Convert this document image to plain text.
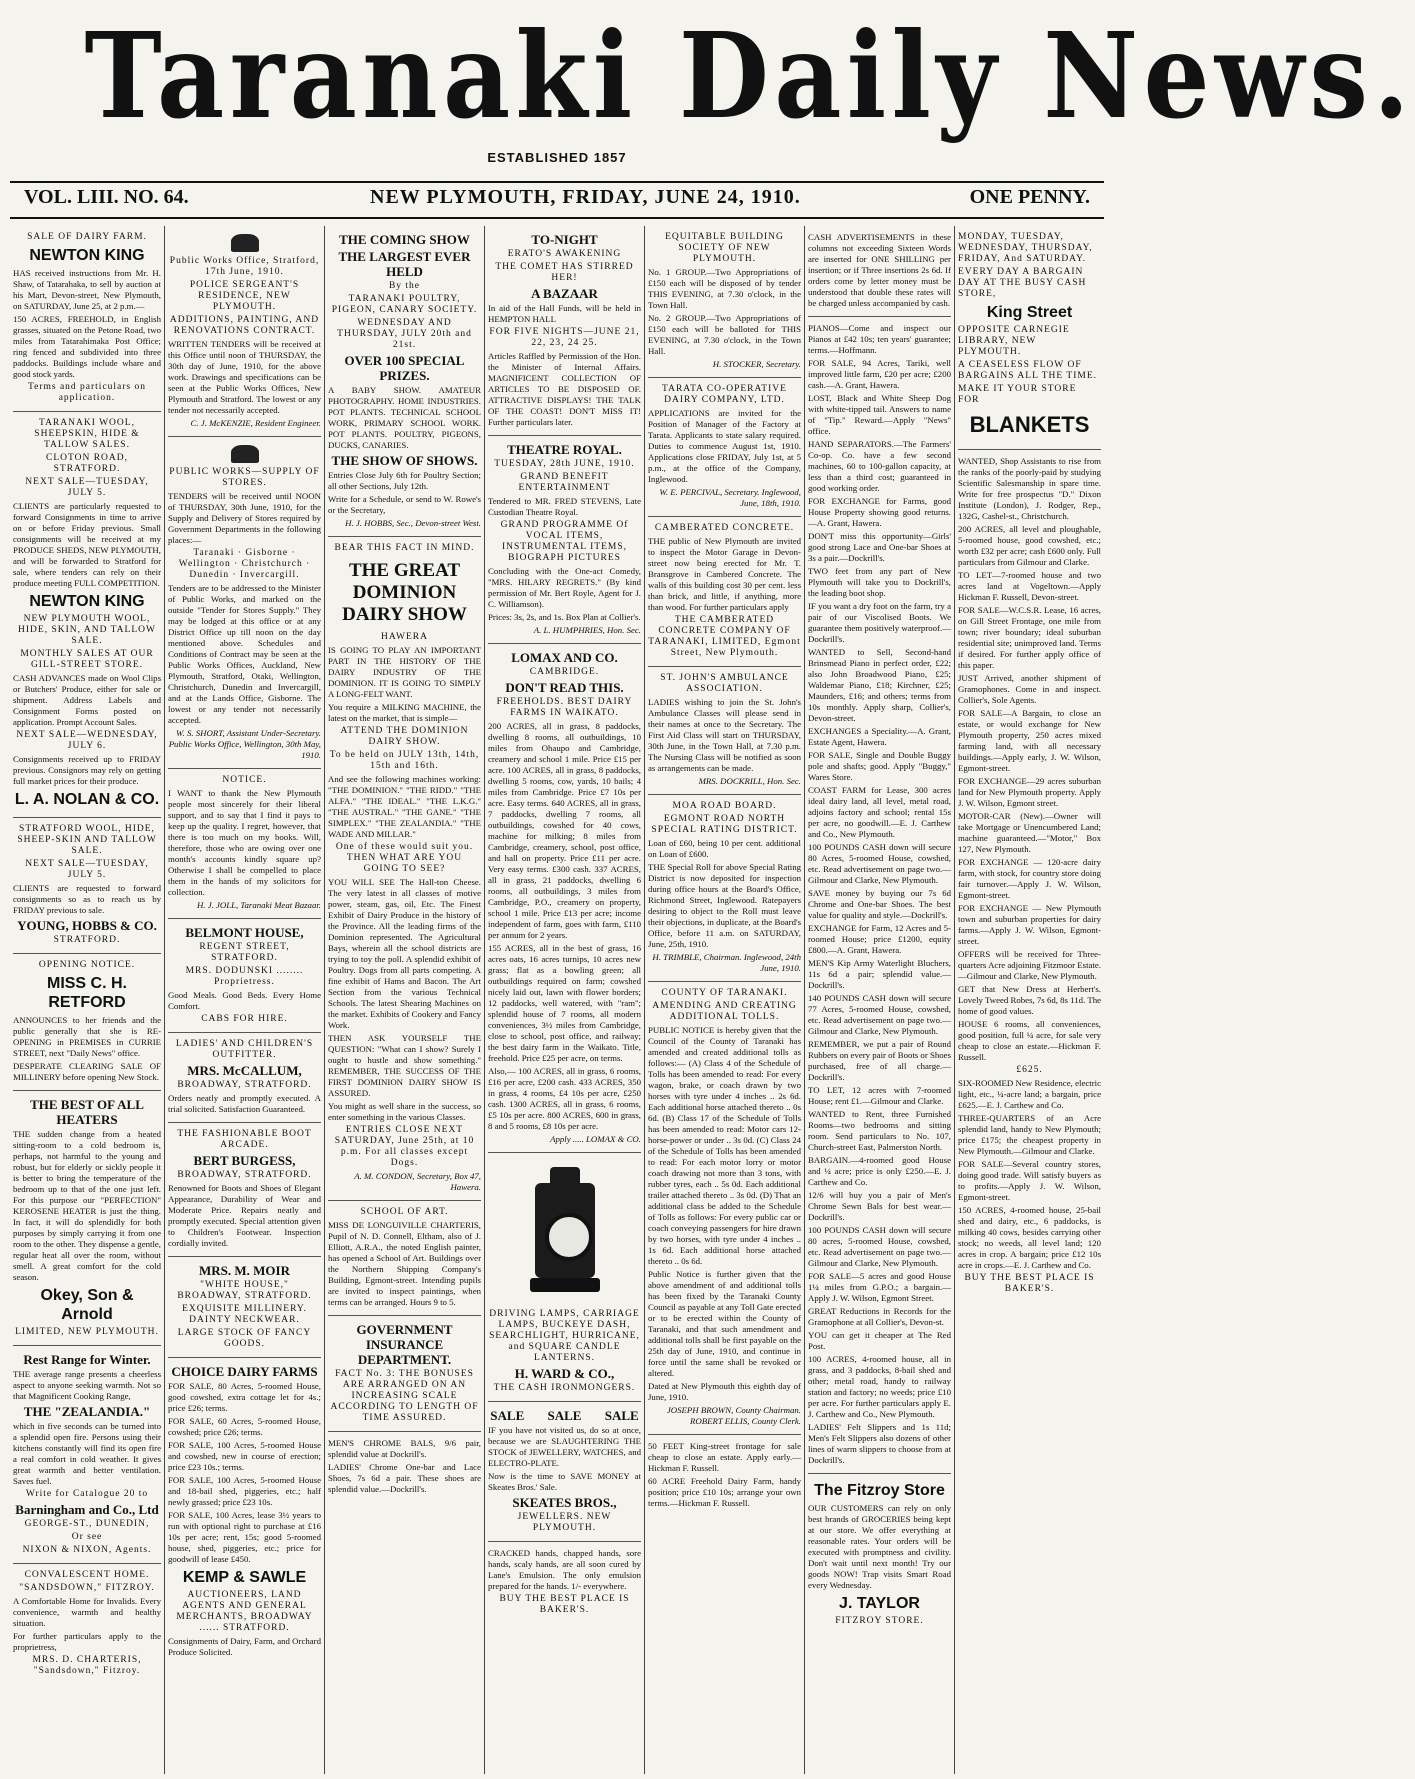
Taranaki Daily News.
ESTABLISHED 1857
VOL. LIII. NO. 64.	NEW PLYMOUTH, FRIDAY, JUNE 24, 1910.	ONE PENNY.
SALE OF DAIRY FARM.
NEWTON KING
HAS received instructions from Mr. H. Shaw, of Tatarahaka, to sell by auction at his Mart, Devon-street, New Plymouth, on SATURDAY, June 25, at 2 p.m.—
150 ACRES, FREEHOLD, in English grasses, situated on the Petone Road, two miles from Tatarahimaka Post Office; ring fenced and subdivided into three paddocks. Buildings include whare and good stock yards.
Terms and particulars on application.
TARANAKI WOOL, SHEEPSKIN, HIDE & TALLOW SALES.
CLOTON ROAD, STRATFORD.
NEXT SALE—TUESDAY, JULY 5.
CLIENTS are particularly requested to forward Consignments in time to arrive on or before Friday previous. Small consignments will be received at my PRODUCE SHEDS, NEW PLYMOUTH, and will be forwarded to Stratford for sale, where tenders can rely on their produce meeting FULL COMPETITION.
NEWTON KING
NEW PLYMOUTH WOOL, HIDE, SKIN, AND TALLOW SALE.
MONTHLY SALES AT OUR GILL-STREET STORE.
CASH ADVANCES made on Wool Clips or Butchers' Produce, either for sale or shipment. Address Labels and Consignment Forms posted on application. Prompt Account Sales.
NEXT SALE—WEDNESDAY, JULY 6.
Consignments received up to FRIDAY previous. Consignors may rely on getting full market prices for their produce.
L. A. NOLAN & CO.
STRATFORD WOOL, HIDE, SHEEP-SKIN AND TALLOW SALE.
NEXT SALE—TUESDAY, JULY 5.
CLIENTS are requested to forward consignments so as to reach us by FRIDAY previous to sale.
YOUNG, HOBBS & CO.
STRATFORD.
OPENING NOTICE.
MISS C. H. RETFORD
ANNOUNCES to her friends and the public generally that she is RE-OPENING in PREMISES in CURRIE STREET, next "Daily News" office.
DESPERATE CLEARING SALE OF MILLINERY before opening New Stock.
THE BEST OF ALL HEATERS
THE sudden change from a heated sitting-room to a cold bedroom is, perhaps, not harmful to the young and robust, but for elderly or sickly people it is better to bring the temperature of the bedroom up to that of the one just left. For this purpose our "PERFECTION" KEROSENE HEATER is just the thing. In fact, it will do splendidly for both purposes by simply carrying it from one room to the other. They dispense a gentle, regular heat all over the room, without smell. A great comfort for the cold season.
Okey, Son & Arnold
LIMITED, NEW PLYMOUTH.
Rest Range for Winter.
THE average range presents a cheerless aspect to anyone seeking warmth. Not so that Magnificent Cooking Range,
THE "ZEALANDIA."
which in five seconds can be turned into a splendid open fire. Persons using their kitchens constantly will find its open fire a real comfort in cold weather. It gives great warmth and better ventilation. Saves fuel.
Write for Catalogue 20 to
Barningham and Co., Ltd
GEORGE-ST., DUNEDIN,
Or see
NIXON & NIXON, Agents.
CONVALESCENT HOME.
"SANDSDOWN," FITZROY.
A Comfortable Home for Invalids. Every convenience, warmth and healthy situation.
For further particulars apply to the proprietress,
MRS. D. CHARTERIS, "Sandsdown," Fitzroy.
Public Works Office, Stratford, 17th June, 1910.
POLICE SERGEANT'S RESIDENCE, NEW PLYMOUTH.
ADDITIONS, PAINTING, AND RENOVATIONS CONTRACT.
WRITTEN TENDERS will be received at this Office until noon of THURSDAY, the 30th day of June, 1910, for the above work. Drawings and specifications can be seen at the Public Works Offices, New Plymouth and Stratford. The lowest or any tender not necessarily accepted.
C. J. McKENZIE, Resident Engineer.
PUBLIC WORKS—SUPPLY OF STORES.
TENDERS will be received until NOON of THURSDAY, 30th June, 1910, for the Supply and Delivery of Stores required by Government Departments in the following places:—
Taranaki · Gisborne · Wellington · Christchurch · Dunedin · Invercargill.
Tenders are to be addressed to the Minister of Public Works, and marked on the outside "Tender for Stores Supply." They may be lodged at this office or at any District Office up till noon on the day mentioned above. Schedules and Conditions of Contract may be seen at the Public Works Offices, Auckland, New Plymouth, Stratford, Otaki, Wellington, Christchurch, Dunedin and Invercargill, and at the Lands Office, Gisborne. The lowest or any tender not necessarily accepted.
W. S. SHORT, Assistant Under-Secretary. Public Works Office, Wellington, 30th May, 1910.
NOTICE.
I WANT to thank the New Plymouth people most sincerely for their liberal support, and to say that I find it pays to keep up the quality. I regret, however, that there is too much on my books. Will, therefore, those who are owing over one month's accounts kindly square up? Otherwise I shall be compelled to place them in the hands of my solicitors for collection.
H. J. JOLL, Taranaki Meat Bazaar.
BELMONT HOUSE,
REGENT STREET, STRATFORD.
MRS. DODUNSKI ........ Proprietress.
Good Meals. Good Beds. Every Home Comfort.
CABS FOR HIRE.
LADIES' AND CHILDREN'S OUTFITTER.
MRS. McCALLUM,
BROADWAY, STRATFORD.
Orders neatly and promptly executed. A trial solicited. Satisfaction Guaranteed.
THE FASHIONABLE BOOT ARCADE.
BERT BURGESS,
BROADWAY, STRATFORD.
Renowned for Boots and Shoes of Elegant Appearance, Durability of Wear and Moderate Price. Repairs neatly and promptly executed. Special attention given to Children's Footwear. Inspection cordially invited.
MRS. M. MOIR
"WHITE HOUSE," BROADWAY, STRATFORD.
EXQUISITE MILLINERY. DAINTY NECKWEAR.
LARGE STOCK OF FANCY GOODS.
CHOICE DAIRY FARMS
FOR SALE, 80 Acres, 5-roomed House, good cowshed, extra cottage let for 4s.; price £26; terms.
FOR SALE, 60 Acres, 5-roomed House, cowshed; price £26; terms.
FOR SALE, 100 Acres, 5-roomed House and cowshed, new in course of erection; price £23 10s.; terms.
FOR SALE, 100 Acres, 5-roomed House and 18-bail shed, piggeries, etc.; half newly grassed; price £23 10s.
FOR SALE, 100 Acres, lease 3½ years to run with optional right to purchase at £16 10s per acre; rent, 15s; good 5-roomed house, shed, piggeries, etc.; price for goodwill of lease £450.
KEMP & SAWLE
AUCTIONEERS, LAND AGENTS AND GENERAL MERCHANTS, BROADWAY ...... STRATFORD.
Consignments of Dairy, Farm, and Orchard Produce Solicited.
THE COMING SHOW
THE LARGEST EVER HELD
By the
TARANAKI POULTRY, PIGEON, CANARY SOCIETY.
WEDNESDAY AND THURSDAY, JULY 20th and 21st.
OVER 100 SPECIAL PRIZES.
A BABY SHOW. AMATEUR PHOTOGRAPHY. HOME INDUSTRIES. POT PLANTS. TECHNICAL SCHOOL WORK, PRIMARY SCHOOL WORK. POT PLANTS. POULTRY, PIGEONS, DUCKS, CANARIES.
THE SHOW OF SHOWS.
Entries Close July 6th for Poultry Section; all other Sections, July 12th.
Write for a Schedule, or send to W. Rowe's or the Secretary,
H. J. HOBBS, Sec., Devon-street West.
BEAR THIS FACT IN MIND.
THE GREAT DOMINION DAIRY SHOW
HAWERA
IS GOING TO PLAY AN IMPORTANT PART IN THE HISTORY OF THE DAIRY INDUSTRY OF THE DOMINION. IT IS GOING TO SIMPLY A LONG-FELT WANT.
You require a MILKING MACHINE, the latest on the market, that is simple—
ATTEND THE DOMINION DAIRY SHOW.
To be held on JULY 13th, 14th, 15th and 16th.
And see the following machines working: "THE DOMINION." "THE RIDD." "THE ALFA." "THE IDEAL." "THE L.K.G." "THE AUSTRAL." "THE GANE." "THE SIMPLEX." "THE ZEALANDIA." "THE WADE AND MILLAR."
One of these would suit you. THEN WHAT ARE YOU GOING TO SEE?
YOU WILL SEE The Hall-ton Cheese. The very latest in all classes of motive power, steam, gas, oil, Etc. The Finest Exhibit of Dairy Produce in the history of the Province. All the leading firms of the Dominion represented. The Agricultural Bays, wherein all the school districts are trying to toy the poll. A splendid exhibit of Poultry. Dogs from all parts competing. A fine exhibit of Hams and Bacon. The Art Section from the various Technical Schools. The latest Shearing Machines on the market. Exhibits of Cookery and Fancy Work.
THEN ASK YOURSELF THE QUESTION: "What can I show? Surely I ought to hustle and show something." REMEMBER, THE SUCCESS OF THE FIRST DOMINION DAIRY SHOW IS ASSURED.
You might as well share in the success, so enter something in the various Classes.
ENTRIES CLOSE NEXT SATURDAY, June 25th, at 10 p.m. For all classes except Dogs.
A. M. CONDON, Secretary, Box 47, Hawera.
SCHOOL OF ART.
MISS DE LONGUIVILLE CHARTERIS, Pupil of N. D. Connell, Eltham, also of J. Elliott, A.R.A., the noted English painter, has opened a School of Art. Buildings over the Northern Shipping Company's Building, Egmont-street. Intending pupils are invited to inspect paintings, when terms can be arranged. Hours 9 to 5.
GOVERNMENT INSURANCE DEPARTMENT.
FACT No. 3: THE BONUSES ARE ARRANGED ON AN INCREASING SCALE ACCORDING TO LENGTH OF TIME ASSURED.
MEN'S CHROME BALS, 9/6 pair, splendid value at Dockrill's.
LADIES' Chrome One-bar and Lace Shoes, 7s 6d a pair. These shoes are splendid value.—Dockrill's.
TO-NIGHT
ERATO'S AWAKENING
THE COMET HAS STIRRED HER!
A BAZAAR
In aid of the Hall Funds, will be held in HEMPTON HALL
FOR FIVE NIGHTS—JUNE 21, 22, 23, 24 25.
Articles Raffled by Permission of the Hon. the Minister of Internal Affairs. MAGNIFICENT COLLECTION OF ARTICLES TO BE DISPOSED OF. ATTRACTIVE DISPLAYS! THE TALK OF THE COAST! DON'T MISS IT! Further particulars later.
THEATRE ROYAL.
TUESDAY, 28th JUNE, 1910.
GRAND BENEFIT ENTERTAINMENT
Tendered to MR. FRED STEVENS, Late Custodian Theatre Royal.
GRAND PROGRAMME Of VOCAL ITEMS, INSTRUMENTAL ITEMS, BIOGRAPH PICTURES
Concluding with the One-act Comedy, "MRS. HILARY REGRETS." (By kind permission of Mr. Bert Royle, Agent for J. C. Williamson).
Prices: 3s, 2s, and 1s. Box Plan at Collier's.
A. L. HUMPHRIES, Hon. Sec.
LOMAX AND CO.
CAMBRIDGE.
DON'T READ THIS.
FREEHOLDS. BEST DAIRY FARMS IN WAIKATO.
200 ACRES, all in grass, 8 paddocks, dwelling 8 rooms, all outbuildings, 10 miles from Ohaupo and Cambridge, creamery and school 1 mile. Price £15 per acre. 100 ACRES, all in grass, 8 paddocks, dwelling 5 rooms, cow, yards, 10 bails; 4 miles from Cambridge. Price £7 10s per acre. Easy terms. 640 ACRES, all in grass, 7 paddocks, dwelling 7 rooms, all outbuildings, cowshed for 40 cows, machine for milking; 8 miles from Cambridge, creamery, school, post office, and hall on property. Price £11 per acre. Very easy terms. £300 cash. 337 ACRES, all in grass, 21 paddocks, dwelling 6 rooms, all outbuildings, 3 miles from Cambridge, P.O., creamery on property, school 1 mile. Price £13 per acre; income independent of farm, goes with farm, £110 per annum for 2 years.
155 ACRES, all in the best of grass, 16 acres oats, 16 acres turnips, 10 acres new grass; flat as a bowling green; all outbuildings required on farm; cowshed nicely laid out, lawn with flower borders; 12 paddocks, well watered, with "ram"; splendid house of 7 rooms, all modern conveniences, 3½ miles from Cambridge, close to school, post office, and railway; the best dairy farm in the Waikato. Title, freehold. Price £25 per acre, on terms.
Also,— 100 ACRES, all in grass, 6 rooms, £16 per acre, £200 cash. 433 ACRES, 350 in grass, 4 rooms, £4 10s per acre, £250 cash. 1300 ACRES, all in grass, 6 rooms, £5 10s per acre. 800 ACRES, 600 in grass, 8 and 5 rooms, £8 10s per acre.
Apply ..... LOMAX & CO.
DRIVING LAMPS, CARRIAGE LAMPS, BUCKEYE DASH, SEARCHLIGHT, HURRICANE, and SQUARE CANDLE LANTERNS.
H. WARD & CO.,
THE CASH IRONMONGERS.
SALE SALE SALE
IF you have not visited us, do so at once, because we are SLAUGHTERING THE STOCK of JEWELLERY, WATCHES, and ELECTRO-PLATE.
Now is the time to SAVE MONEY at Skeates Bros.' Sale.
SKEATES BROS.,
JEWELLERS. NEW PLYMOUTH.
CRACKED hands, chapped hands, sore hands, scaly hands, are all soon cured by Lane's Emulsion. The only emulsion prepared for the hands. 1/- everywhere.
BUY THE BEST PLACE IS BAKER'S.
EQUITABLE BUILDING SOCIETY OF NEW PLYMOUTH.
No. 1 GROUP.—Two Appropriations of £150 each will be disposed of by tender THIS EVENING, at 7.30 o'clock, in the Town Hall.
No. 2 GROUP.—Two Appropriations of £150 each will be balloted for THIS EVENING, at 7.30 o'clock, in the Town Hall.
H. STOCKER, Secretary.
TARATA CO-OPERATIVE DAIRY COMPANY, LTD.
APPLICATIONS are invited for the Position of Manager of the Factory at Tarata. Applicants to state salary required. Duties to commence August 1st, 1910. Applications close FRIDAY, July 1st, at 5 p.m., at the office of the Company, Inglewood.
W. E. PERCIVAL, Secretary. Inglewood, June, 18th, 1910.
CAMBERATED CONCRETE.
THE public of New Plymouth are invited to inspect the Motor Garage in Devon-street now being erected for Mr. T. Bransgrove in Cambered Concrete. The walls of this building cost 30 per cent. less than brick, and little, if anything, more than wood. For further particulars apply
THE CAMBERATED CONCRETE COMPANY OF TARANAKI, LIMITED, Egmont Street, New Plymouth.
ST. JOHN'S AMBULANCE ASSOCIATION.
LADIES wishing to join the St. John's Ambulance Classes will please send in their names at once to the Secretary. The First Aid Class will start on THURSDAY, 30th June, in the Town Hall, at 7.30 p.m. The Nursing Class will be notified as soon as arrangements can be made.
MRS. DOCKRILL, Hon. Sec.
MOA ROAD BOARD.
EGMONT ROAD NORTH SPECIAL RATING DISTRICT.
Loan of £60, being 10 per cent. additional on Loan of £600.
THE Special Roll for above Special Rating District is now deposited for inspection during office hours at the Board's Office, Richmond Street, Inglewood. Ratepayers desiring to object to the Roll must leave their objections, in duplicate, at the Board's Office, before 11 a.m. on SATURDAY, June, 25th, 1910.
H. TRIMBLE, Chairman. Inglewood, 24th June, 1910.
COUNTY OF TARANAKI.
AMENDING AND CREATING ADDITIONAL TOLLS.
PUBLIC NOTICE is hereby given that the Council of the County of Taranaki has amended and created additional tolls as follows:— (A) Class 4 of the Schedule of Tolls has been amended to read: For every wagon, brake, or coach drawn by two horses with tyre under 4 inches .. 2s 6d. Each additional horse attached thereto .. 0s 6d. (B) Class 17 of the Schedule of Tolls has been amended to read: Motor cars 12-horse-power or under .. 3s 0d. (C) Class 24 of the Schedule of Tolls has been amended to read: For each motor lorry or motor coach drawing not more than 3 tons, with rubber tyres, each .. 5s 0d. Each additional trailer attached thereto .. 3s 0d. (D) That an additional class be added to the Schedule of Tolls as follows: For every public car or coach conveying passengers for hire drawn by two horses, with tyre under 4 inches .. 1s 6d. Each additional horse attached thereto .. 0s 6d.
Public Notice is further given that the above amendment of and additional tolls has been fixed by the Taranaki County Council as payable at any Toll Gate erected or to be erected within the County of Taranaki, and that such amendment and additional tolls shall be first payable on the 25th day of June, 1910, and continue in force until the same shall be revoked or altered.
Dated at New Plymouth this eighth day of June, 1910.
JOSEPH BROWN, County Chairman. ROBERT ELLIS, County Clerk.
50 FEET King-street frontage for sale cheap to close an estate. Apply early.—Hickman F. Russell.
60 ACRE Freehold Dairy Farm, handy position; price £10 10s; arrange your own terms.—Hickman F. Russell.
CASH ADVERTISEMENTS in these columns not exceeding Sixteen Words are inserted for ONE SHILLING per insertion; or if Three insertions 2s 6d. If orders come by letter money must be understood that double these rates will be charged unless accompanied by cash.
PIANOS—Come and inspect our Pianos at £42 10s; ten years' guarantee; terms.—Hoffmann.
FOR SALE, 94 Acres, Tariki, well improved little farm, £20 per acre; £200 cash.—A. Grant, Hawera.
LOST, Black and White Sheep Dog with white-tipped tail. Answers to name of "Tip." Reward.—Apply "News" office.
HAND SEPARATORS.—The Farmers' Co-op. Co. have a few second machines, 60 to 100-gallon capacity, at less than a third cost; guaranteed in good working order.
FOR EXCHANGE for Farms, good House Property showing good returns.—A. Grant, Hawera.
DON'T miss this opportunity—Girls' good strong Lace and One-bar Shoes at 3s a pair.—Dockrill's.
TWO feet from any part of New Plymouth will take you to Dockrill's, the leading boot shop.
IF you want a dry foot on the farm, try a pair of our Viscolised Boots. We guarantee them positively waterproof.—Dockrill's.
WANTED to Sell, Second-hand Brinsmead Piano in perfect order, £22; also John Broadwood Piano, £25; Waldemar Piano, £18; Kirchner, £25; Maunders, £16; and others; terms from 10s monthly. Apply sharp, Collier's, Devon-street.
EXCHANGES a Speciality.—A. Grant, Estate Agent, Hawera.
FOR SALE, Single and Double Buggy pole and shafts; good. Apply "Buggy," Wares Store.
COAST FARM for Lease, 300 acres ideal dairy land, all level, metal road, adjoins factory and school; rental 15s per acre, no goodwill.—E. J. Carthew and Co., New Plymouth.
100 POUNDS CASH down will secure 80 Acres, 5-roomed House, cowshed, etc. Read advertisement on page two.—Gilmour and Clarke, New Plymouth.
SAVE money by buying our 7s 6d Chrome and One-bar Shoes. The best value for quality and style.—Dockrill's.
EXCHANGE for Farm, 12 Acres and 5-roomed House; price £1200, equity £800.—A. Grant, Hawera.
MEN'S Kip Army Waterlight Bluchers, 11s 6d a pair; splendid value.—Dockrill's.
140 POUNDS CASH down will secure 77 Acres, 5-roomed House, cowshed, etc. Read advertisement on page two.—Gilmour and Clarke, New Plymouth.
REMEMBER, we put a pair of Round Rubbers on every pair of Boots or Shoes purchased, free of all charge.—Dockrill's.
TO LET, 12 acres with 7-roomed House; rent £1.—Gilmour and Clarke.
WANTED to Rent, three Furnished Rooms—two bedrooms and sitting room. Send particulars to No. 107, Church-street East, Palmerston North.
BARGAIN.—4-roomed good House and ¼ acre; price is only £250.—E. J. Carthew and Co.
12/6 will buy you a pair of Men's Chrome Sewn Bals for best wear.—Dockrill's.
100 POUNDS CASH down will secure 80 acres, 5-roomed House, cowshed, etc. Read advertisement on page two.—Gilmour and Clarke, New Plymouth.
FOR SALE—5 acres and good House 1¼ miles from G.P.O.; a bargain.—Apply J. W. Wilson, Egmont Street.
GREAT Reductions in Records for the Gramophone at all Collier's, Devon-st.
YOU can get it cheaper at The Red Post.
100 ACRES, 4-roomed house, all in grass, and 3 paddocks, 8-bail shed and other; metal road, handy to railway station and factory; no weeds; price £10 per acre. For further particulars apply E. J. Carthew and Co., New Plymouth.
LADIES' Felt Slippers and 1s 11d; Men's Felt Slippers also dozens of other lines of warm slippers to choose from at Dockrill's.
The Fitzroy Store
OUR CUSTOMERS can rely on only best brands of GROCERIES being kept at our store. We offer everything at reasonable rates. Your orders will be executed with promptness and civility. Don't wait until next month! Try our goods NOW! Trap visits Smart Road every Wednesday.
J. TAYLOR
FITZROY STORE.
MONDAY, TUESDAY, WEDNESDAY, THURSDAY, FRIDAY, And SATURDAY.
EVERY DAY A BARGAIN DAY AT THE BUSY CASH STORE,
King Street
OPPOSITE CARNEGIE LIBRARY, NEW PLYMOUTH.
A CEASELESS FLOW OF BARGAINS ALL THE TIME.
MAKE IT YOUR STORE FOR
BLANKETS
WANTED, Shop Assistants to rise from the ranks of the poorly-paid by studying Scientific Salesmanship in spare time. Write for free prospectus "D." Dixon Institute (London), J. Rodger, Rep., 132G, Cashel-st., Christchurch.
200 ACRES, all level and ploughable, 5-roomed house, good cowshed, etc.; worth £32 per acre; cash £600 only. Full particulars from Gilmour and Clarke.
TO LET—7-roomed house and two acres land at Vogeltown.—Apply Hickman F. Russell, Devon-street.
FOR SALE—W.C.S.R. Lease, 16 acres, on Gill Street Frontage, one mile from town; river boundary; ideal suburban residential site; unimproved land. Terms if desired. For further apply office of this paper.
JUST Arrived, another shipment of Gramophones. Come in and inspect. Collier's, Sole Agents.
FOR SALE—A Bargain, to close an estate, or would exchange for New Plymouth property, 250 acres mixed farming land, with all necessary buildings.—Apply early, J. W. Wilson, Egmont-street.
FOR EXCHANGE—29 acres suburban land for New Plymouth property. Apply J. W. Wilson, Egmont street.
MOTOR-CAR (New).—Owner will take Mortgage or Unencumbered Land; machine guaranteed.—"Motor," Box 127, New Plymouth.
FOR EXCHANGE — 120-acre dairy farm, with stock, for country store doing fair turnover.—Apply J. W. Wilson, Egmont-street.
FOR EXCHANGE — New Plymouth town and suburban properties for dairy farms.—Apply J. W. Wilson, Egmont-street.
OFFERS will be received for Three-quarters Acre adjoining Fitzmoor Estate.—Gilmour and Clarke, New Plymouth.
GET that New Dress at Herbert's. Lovely Tweed Robes, 7s 6d, 8s 11d. The home of good values.
HOUSE 6 rooms, all conveniences, good position, full ¼ acre, for sale very cheap to close an estate.—Hickman F. Russell.
£625.
SIX-ROOMED New Residence, electric light, etc., ¼-acre land; a bargain, price £625.—E. J. Carthew and Co.
THREE-QUARTERS of an Acre splendid land, handy to New Plymouth; price £175; the cheapest property in New Plymouth.—Gilmour and Clarke.
FOR SALE—Several country stores, doing good trade. Will satisfy buyers as to profits.—Apply J. W. Wilson, Egmont-street.
150 ACRES, 4-roomed house, 25-bail shed and dairy, etc., 6 paddocks, is milking 40 cows, besides carrying other stock; no weeds, all level land; 120 acres in crop. A bargain; price £12 10s acre in crops.—E. J. Carthew and Co.
BUY THE BEST PLACE IS BAKER'S.
